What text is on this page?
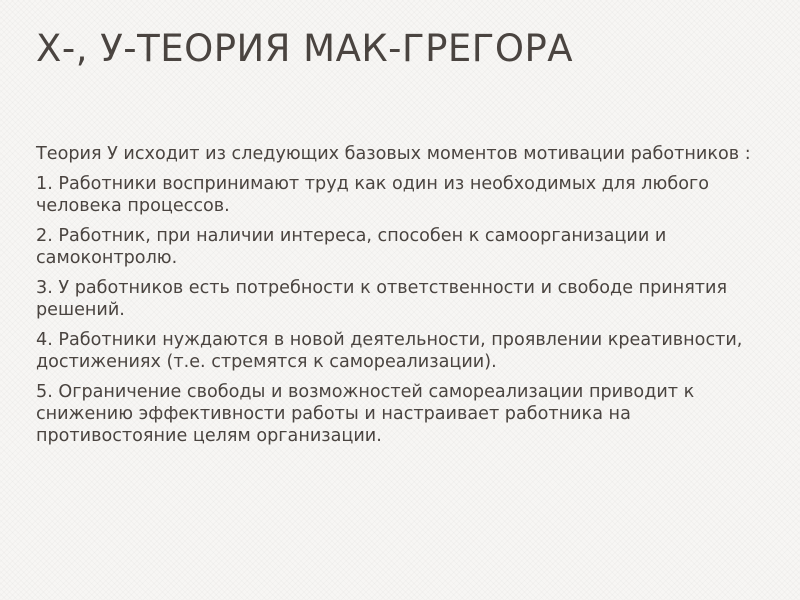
Х-, У-ТЕОРИЯ МАК-ГРЕГОРА

Теория У исходит из следующих базовых моментов мотивации работников :

1. Работники воспринимают труд как один из необходимых для любого человека процессов.

2. Работник, при наличии интереса, способен к самоорганизации и самоконтролю.

3. У работников есть потребности к ответственности и свободе принятия решений.

4. Работники нуждаются в новой деятельности, проявлении креативности, достижениях (т.е. стремятся к самореализации).

5. Ограничение свободы и возможностей самореализации приводит к снижению эффективности работы и настраивает работника на противостояние целям организации.
